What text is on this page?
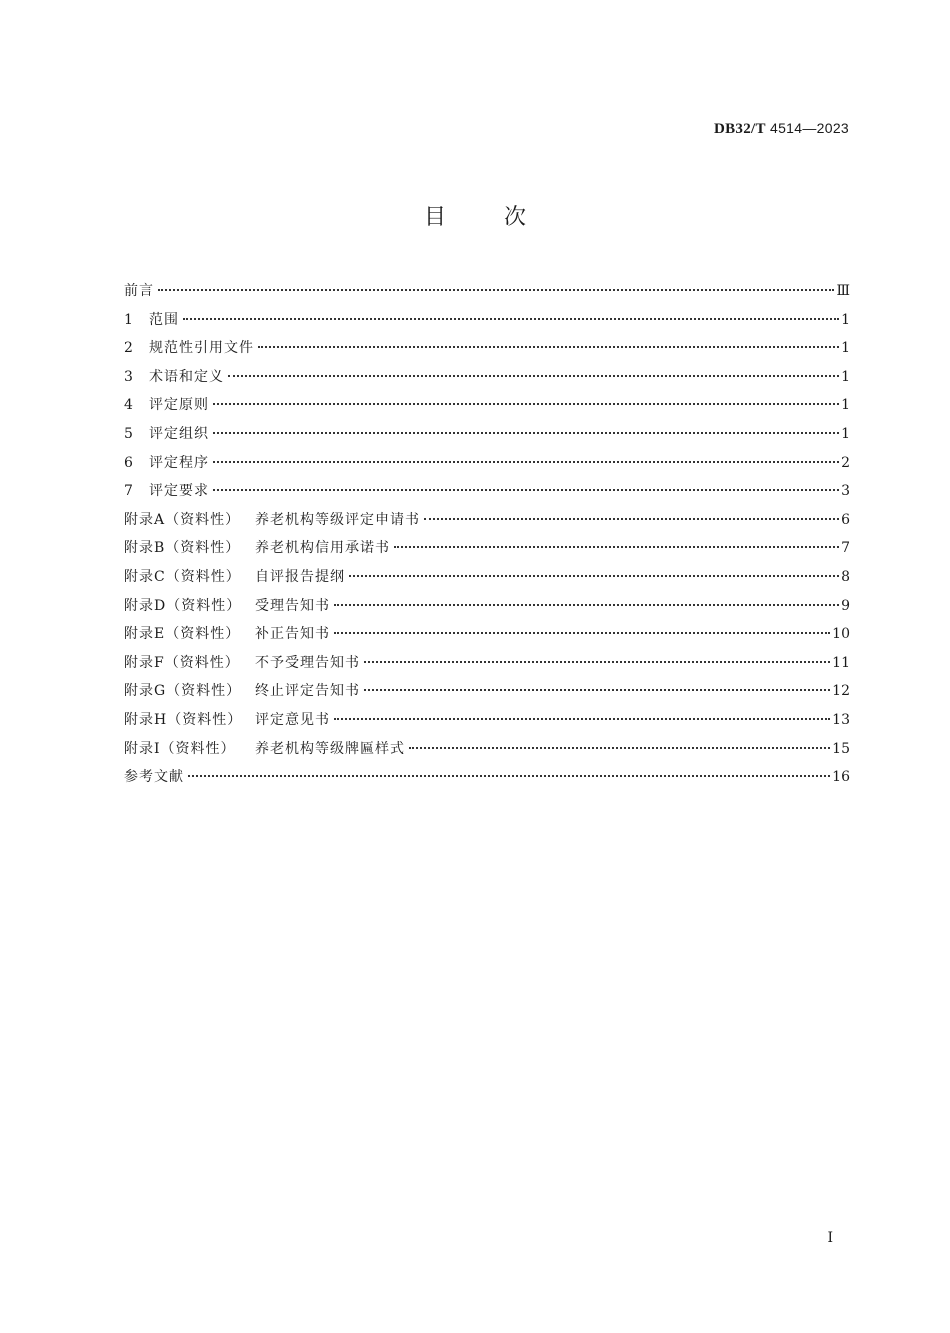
DB32/T 4514—2023
目次
前言	Ⅲ
1 范围	1
2 规范性引用文件	1
3 术语和定义	1
4 评定原则	1
5 评定组织	1
6 评定程序	2
7 评定要求	3
附录A（资料性） 养老机构等级评定申请书	6
附录B（资料性） 养老机构信用承诺书	7
附录C（资料性） 自评报告提纲	8
附录D（资料性） 受理告知书	9
附录E（资料性） 补正告知书	10
附录F（资料性） 不予受理告知书	11
附录G（资料性） 终止评定告知书	12
附录H（资料性） 评定意见书	13
附录I（资料性） 养老机构等级牌匾样式	15
参考文献	16
I
